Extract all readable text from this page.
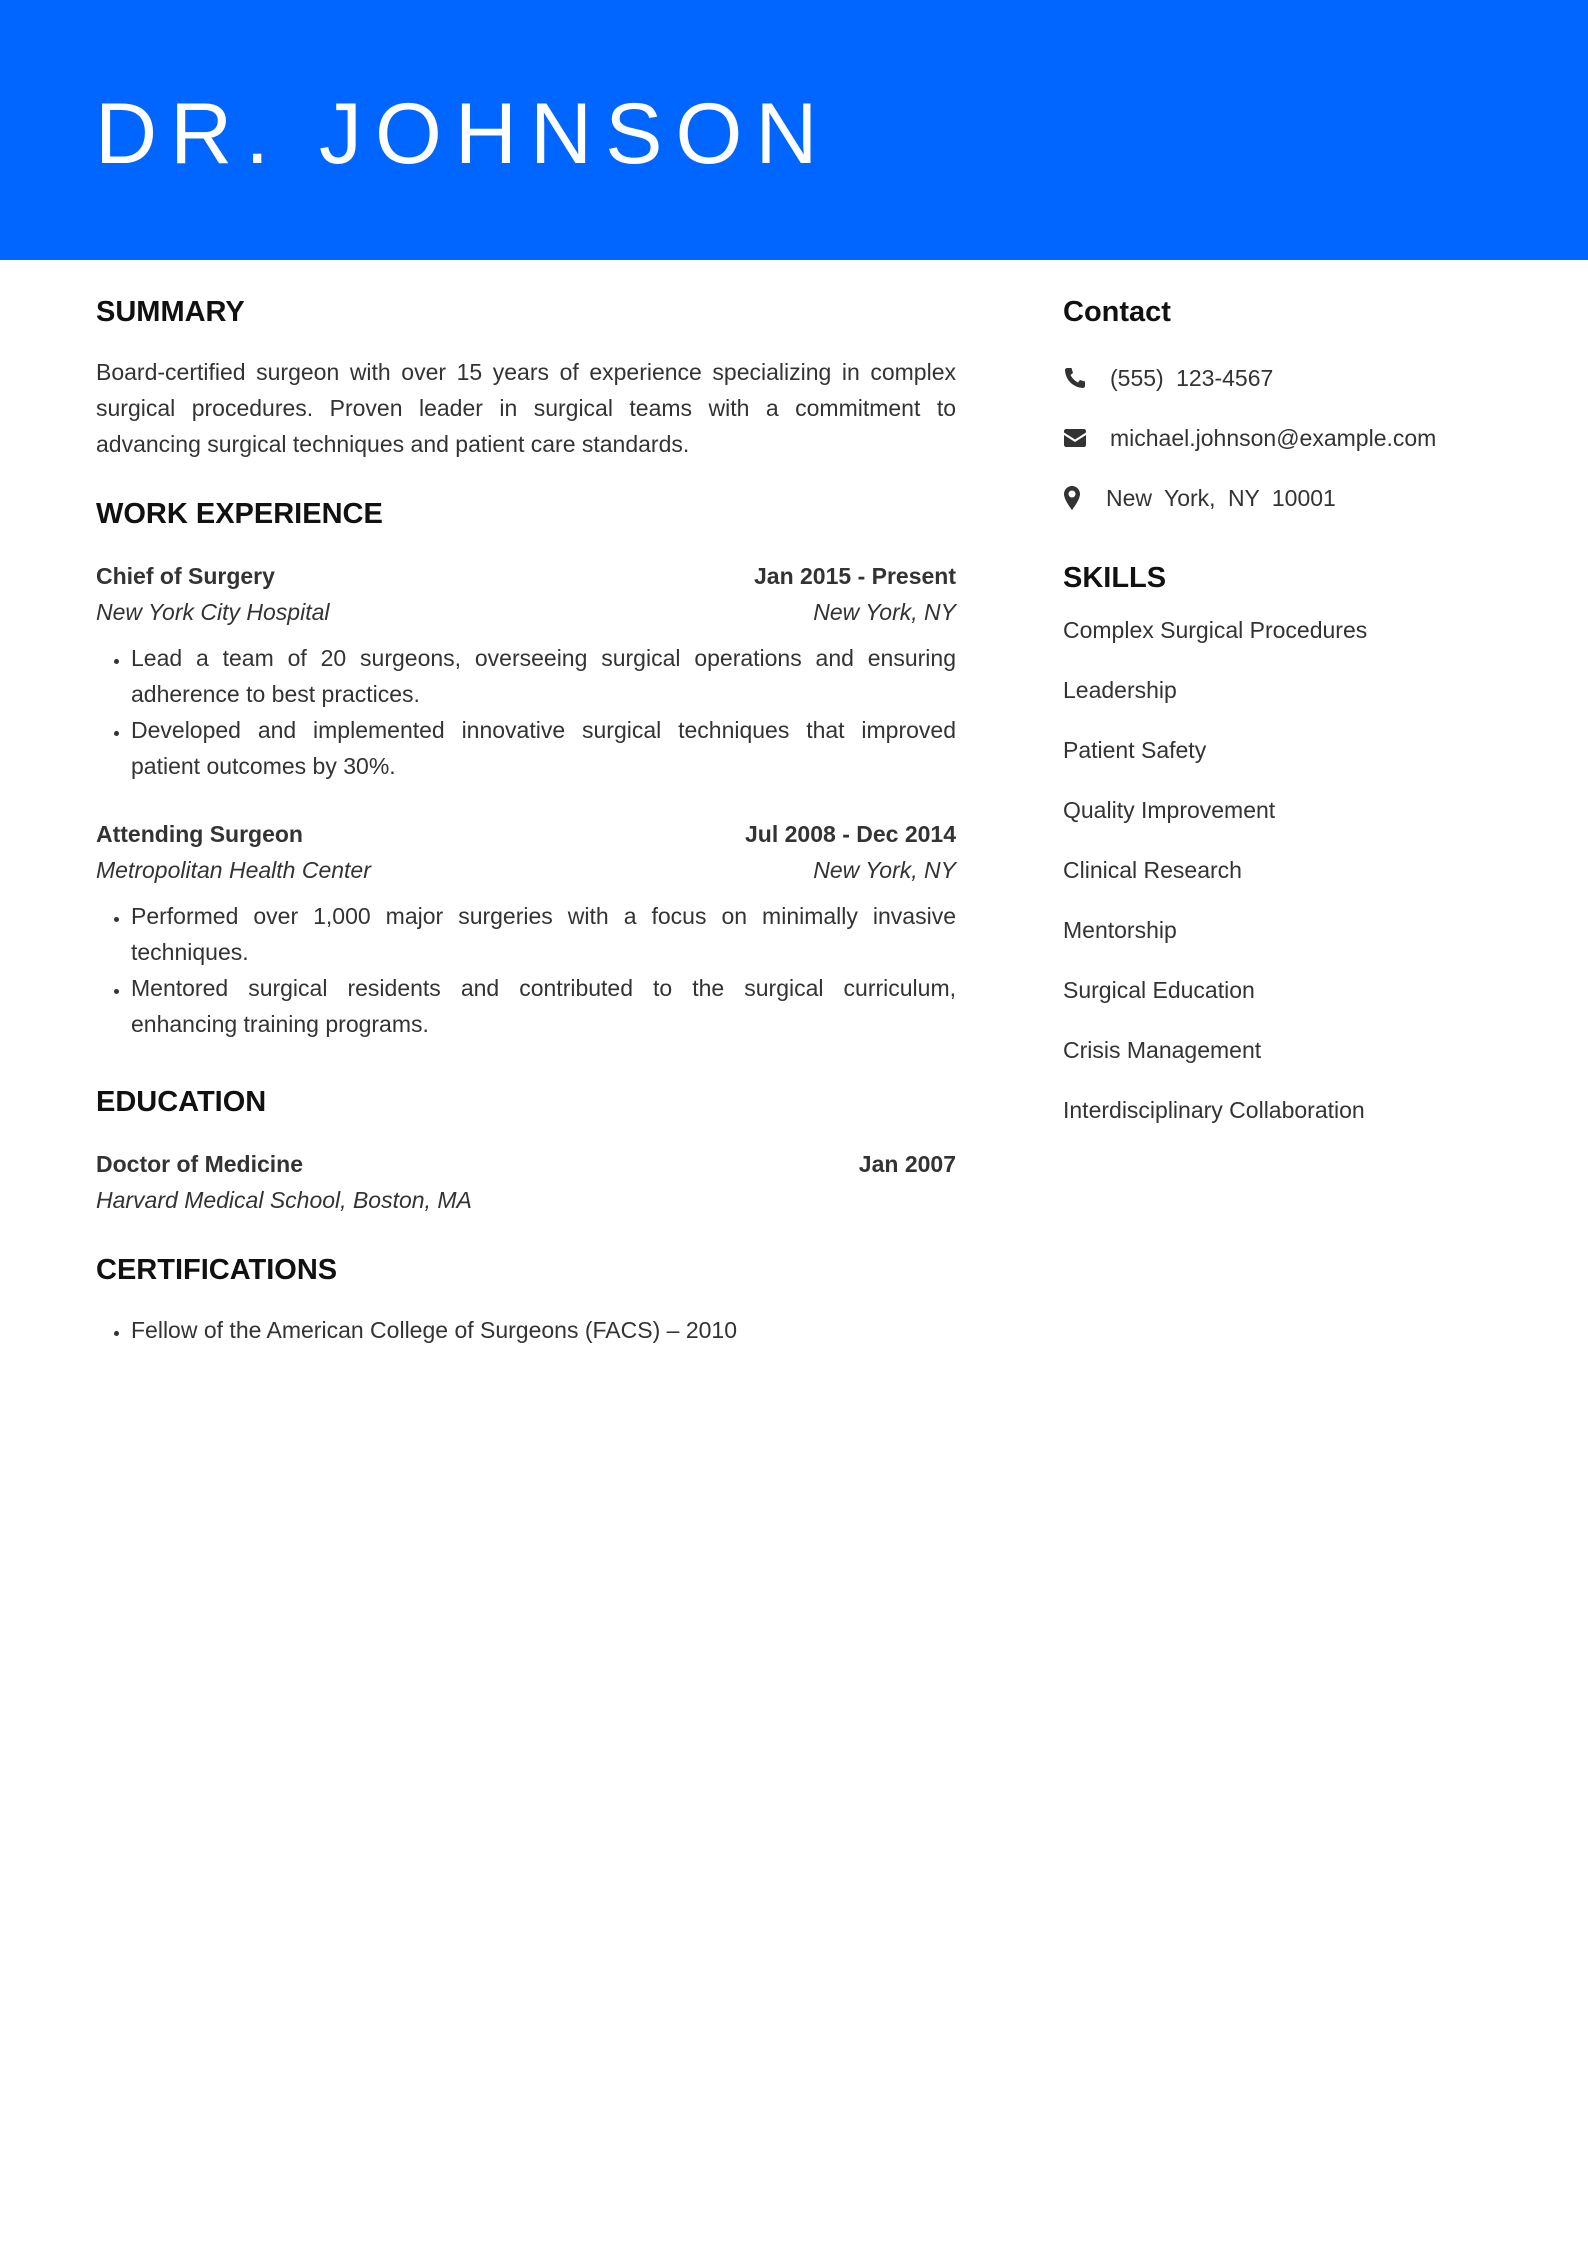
DR. JOHNSON
SUMMARY

Board-certified surgeon with over 15 years of experience specializing in complex surgical procedures. Proven leader in surgical teams with a commitment to advancing surgical techniques and patient care standards.

WORK EXPERIENCE
Chief of Surgery	Jan 2015 - Present
New York City Hospital	New York, NY
• Lead a team of 20 surgeons, overseeing surgical operations and ensuring adherence to best practices.
• Developed and implemented innovative surgical techniques that improved patient outcomes by 30%.
Attending Surgeon	Jul 2008 - Dec 2014
Metropolitan Health Center	New York, NY
• Performed over 1,000 major surgeries with a focus on minimally invasive techniques.
• Mentored surgical residents and contributed to the surgical curriculum, enhancing training programs.
EDUCATION
Doctor of Medicine	Jan 2007
Harvard Medical School, Boston, MA
CERTIFICATIONS
• Fellow of the American College of Surgeons (FACS) – 2010
Contact
(555) 123-4567
michael.johnson@example.com
New York, NY 10001
SKILLS
Complex Surgical Procedures
Leadership
Patient Safety
Quality Improvement
Clinical Research
Mentorship
Surgical Education
Crisis Management
Interdisciplinary Collaboration
